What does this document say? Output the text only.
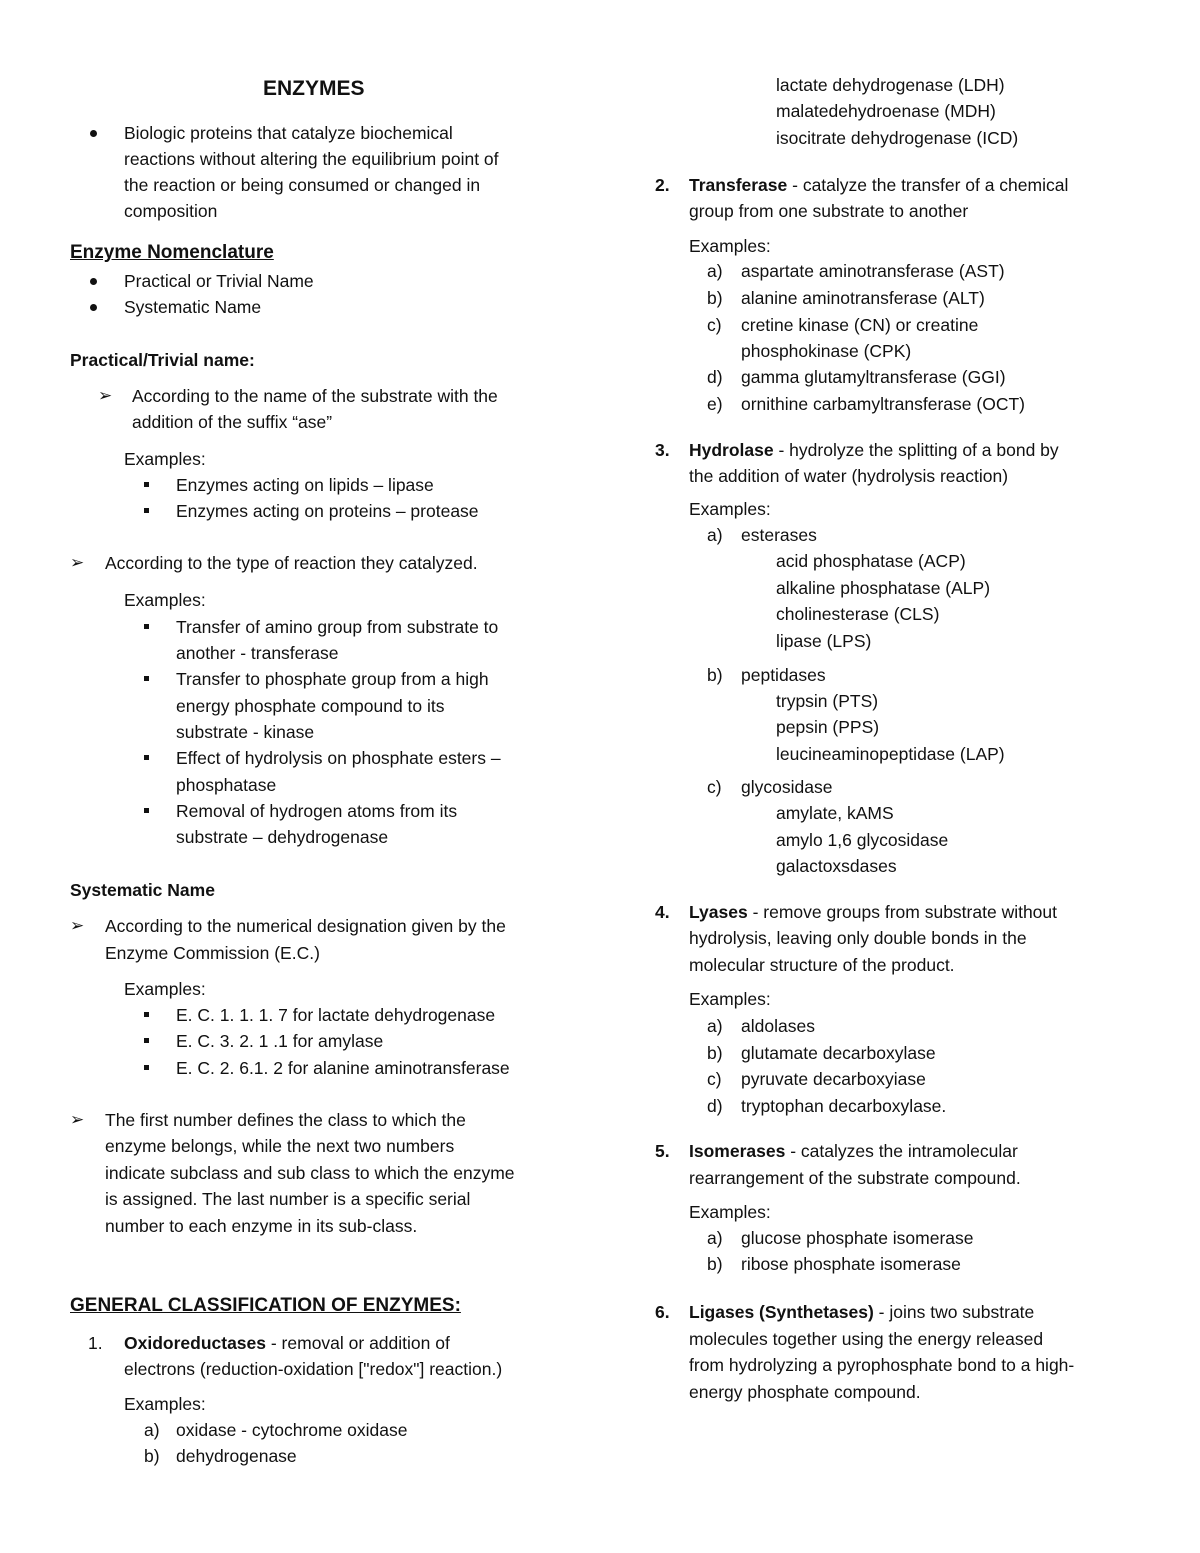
ENZYMES
Biologic proteins that catalyze biochemical
reactions without altering the equilibrium point of
the reaction or being consumed or changed in
composition
Enzyme Nomenclature
Practical or Trivial Name
Systematic Name
Practical/Trivial name:
➢ According to the name of the substrate with the
addition of the suffix “ase”
Examples:
Enzymes acting on lipids – lipase
Enzymes acting on proteins – protease
➢ According to the type of reaction they catalyzed.
Examples:
Transfer of amino group from substrate to
another - transferase
Transfer to phosphate group from a high
energy phosphate compound to its
substrate - kinase
Effect of hydrolysis on phosphate esters –
phosphatase
Removal of hydrogen atoms from its
substrate – dehydrogenase
Systematic Name
➢ According to the numerical designation given by the
Enzyme Commission (E.C.)
Examples:
E. C. 1. 1. 1. 7 for lactate dehydrogenase
E. C. 3. 2. 1 .1 for amylase
E. C. 2. 6.1. 2 for alanine aminotransferase
➢ The first number defines the class to which the
enzyme belongs, while the next two numbers
indicate subclass and sub class to which the enzyme
is assigned. The last number is a specific serial
number to each enzyme in its sub-class.
GENERAL CLASSIFICATION OF ENZYMES:
1. Oxidoreductases - removal or addition of
electrons (reduction-oxidation ["redox"] reaction.)
Examples:
a) oxidase - cytochrome oxidase
b) dehydrogenase
lactate dehydrogenase (LDH)
malatedehydroenase (MDH)
isocitrate dehydrogenase (ICD)
2. Transferase - catalyze the transfer of a chemical
group from one substrate to another
Examples:
a) aspartate aminotransferase (AST)
b) alanine aminotransferase (ALT)
c) cretine kinase (CN) or creatine
phosphokinase (CPK)
d) gamma glutamyltransferase (GGI)
e) ornithine carbamyltransferase (OCT)
3. Hydrolase - hydrolyze the splitting of a bond by
the addition of water (hydrolysis reaction)
Examples:
a) esterases
acid phosphatase (ACP)
alkaline phosphatase (ALP)
cholinesterase (CLS)
lipase (LPS)
b) peptidases
trypsin (PTS)
pepsin (PPS)
leucineaminopeptidase (LAP)
c) glycosidase
amylate, kAMS
amylo 1,6 glycosidase
galactoxsdases
4. Lyases - remove groups from substrate without
hydrolysis, leaving only double bonds in the
molecular structure of the product.
Examples:
a) aldolases
b) glutamate decarboxylase
c) pyruvate decarboxyiase
d) tryptophan decarboxylase.
5. Isomerases - catalyzes the intramolecular
rearrangement of the substrate compound.
Examples:
a) glucose phosphate isomerase
b) ribose phosphate isomerase
6. Ligases (Synthetases) - joins two substrate
molecules together using the energy released
from hydrolyzing a pyrophosphate bond to a high-
energy phosphate compound.
